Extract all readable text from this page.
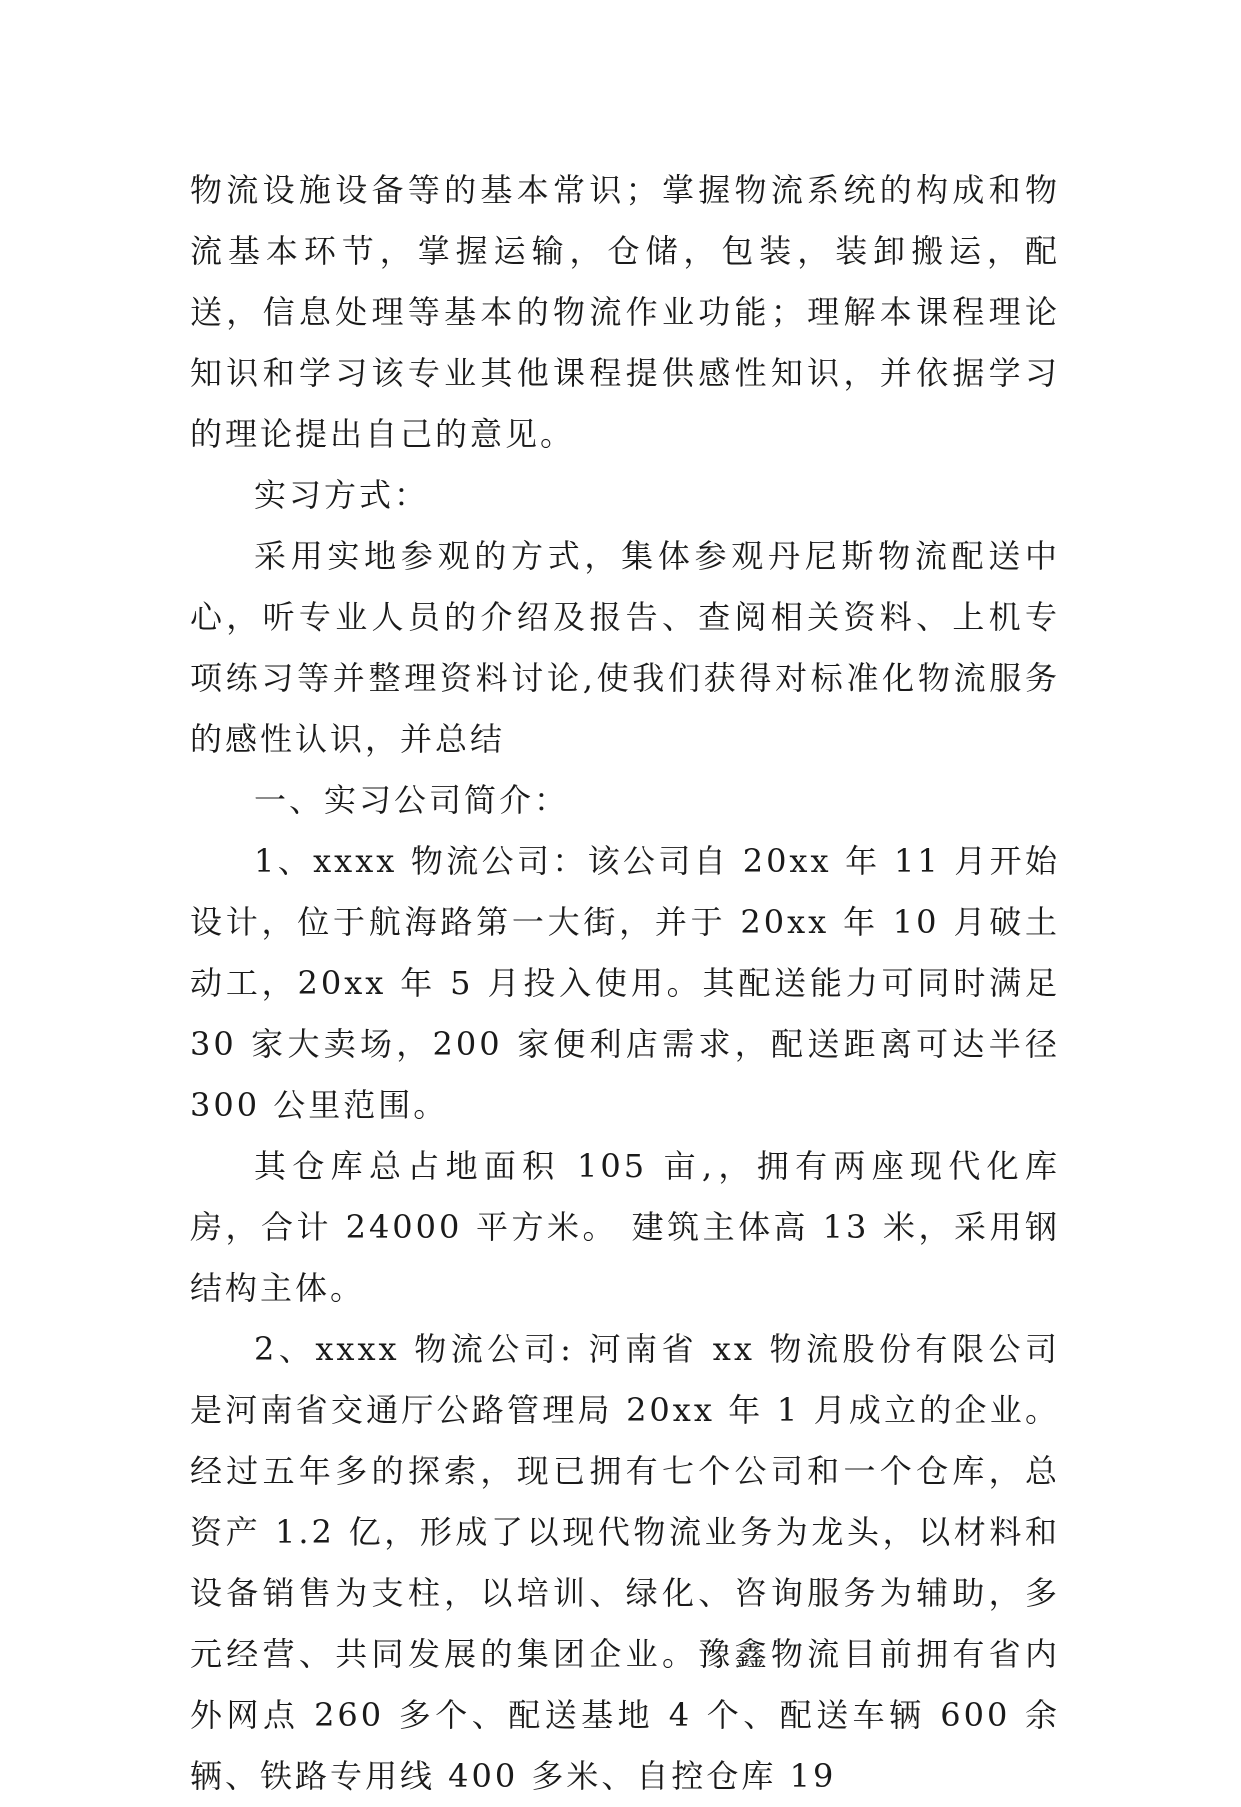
物流设施设备等的基本常识；掌握物流系统的构成和物流基本环节，掌握运输，仓储，包装，装卸搬运，配送，信息处理等基本的物流作业功能；理解本课程理论知识和学习该专业其他课程提供感性知识，并依据学习的理论提出自己的意见。

实习方式：

采用实地参观的方式，集体参观丹尼斯物流配送中心，听专业人员的介绍及报告、查阅相关资料、上机专项练习等并整理资料讨论,使我们获得对标准化物流服务的感性认识，并总结

一、实习公司简介：

1、xxxx 物流公司：该公司自 20xx 年 11 月开始设计，位于航海路第一大街，并于 20xx 年 10 月破土动工，20xx 年 5 月投入使用。其配送能力可同时满足 30 家大卖场，200 家便利店需求，配送距离可达半径 300 公里范围。

其仓库总占地面积 105 亩,，拥有两座现代化库房，合计 24000 平方米。 建筑主体高 13 米，采用钢结构主体。

2、xxxx 物流公司: 河南省 xx 物流股份有限公司是河南省交通厅公路管理局 20xx 年 1 月成立的企业。经过五年多的探索，现已拥有七个公司和一个仓库，总资产 1.2 亿，形成了以现代物流业务为龙头，以材料和设备销售为支柱，以培训、绿化、咨询服务为辅助，多元经营、共同发展的集团企业。豫鑫物流目前拥有省内外网点 260 多个、配送基地 4 个、配送车辆 600 余辆、铁路专用线 400 多米、自控仓库 19
